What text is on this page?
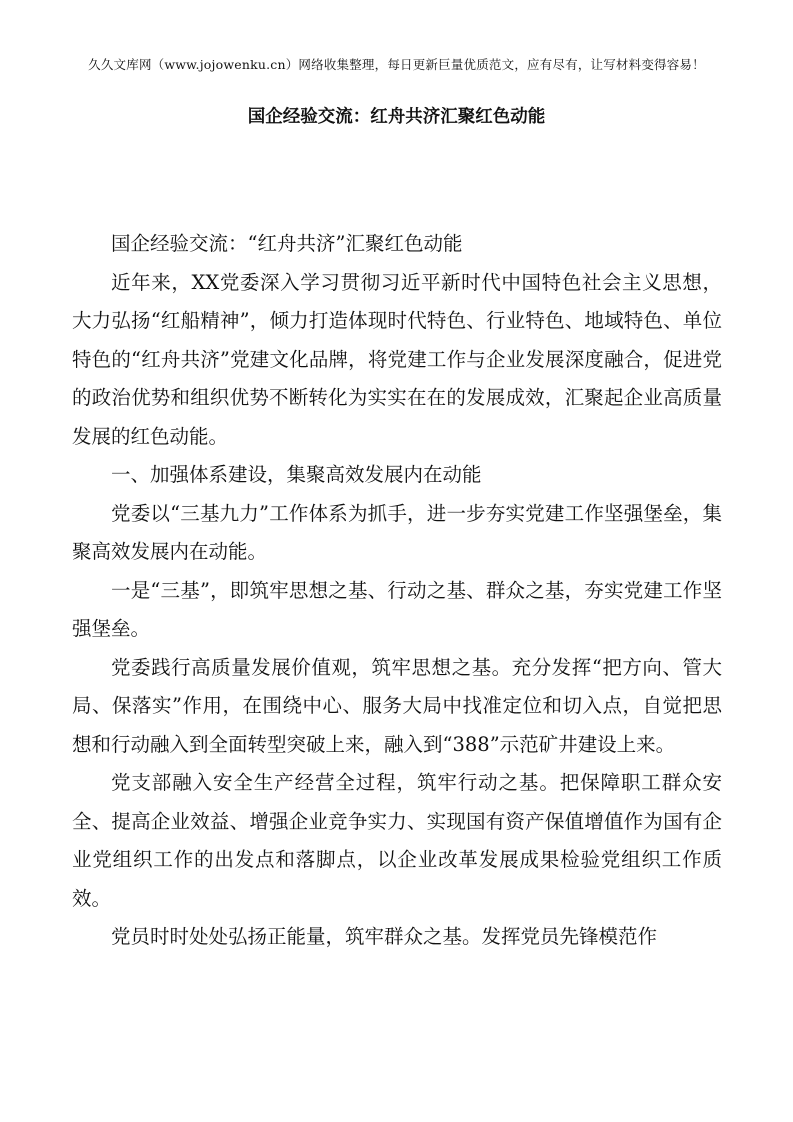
久久文库网（www.jojowenku.cn）网络收集整理，每日更新巨量优质范文，应有尽有，让写材料变得容易！
国企经验交流：红舟共济汇聚红色动能

国企经验交流：“红舟共济”汇聚红色动能

近年来，XX党委深入学习贯彻习近平新时代中国特色社会主义思想，大力弘扬“红船精神”，倾力打造体现时代特色、行业特色、地域特色、单位特色的“红舟共济”党建文化品牌，将党建工作与企业发展深度融合，促进党的政治优势和组织优势不断转化为实实在在的发展成效，汇聚起企业高质量发展的红色动能。

一、加强体系建设，集聚高效发展内在动能

党委以“三基九力”工作体系为抓手，进一步夯实党建工作坚强堡垒，集聚高效发展内在动能。

一是“三基”，即筑牢思想之基、行动之基、群众之基，夯实党建工作坚强堡垒。

党委践行高质量发展价值观，筑牢思想之基。充分发挥“把方向、管大局、保落实”作用，在围绕中心、服务大局中找准定位和切入点，自觉把思想和行动融入到全面转型突破上来，融入到“388”示范矿井建设上来。

党支部融入安全生产经营全过程，筑牢行动之基。把保障职工群众安全、提高企业效益、增强企业竞争实力、实现国有资产保值增值作为国有企业党组织工作的出发点和落脚点，以企业改革发展成果检验党组织工作质效。

党员时时处处弘扬正能量，筑牢群众之基。发挥党员先锋模范作
